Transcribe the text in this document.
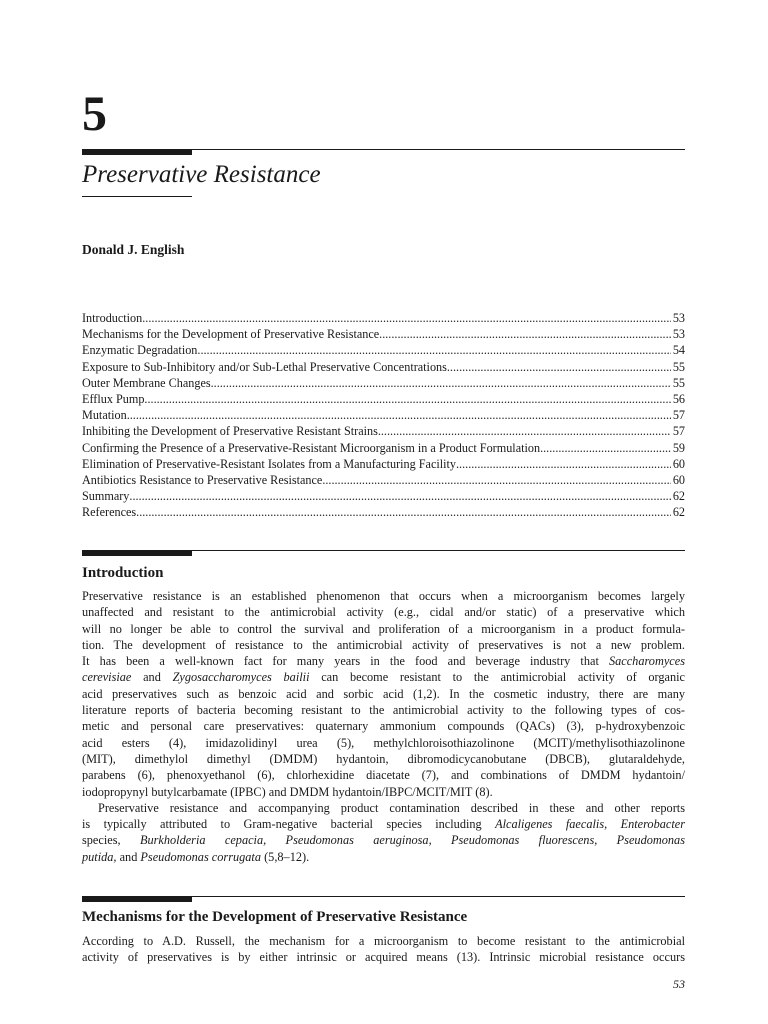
5
Preservative Resistance
Donald J. English
Introduction .....	53
Mechanisms for the Development of Preservative Resistance .....	53
Enzymatic Degradation .....	54
Exposure to Sub-Inhibitory and/or Sub-Lethal Preservative Concentrations .....	55
Outer Membrane Changes .....	55
Efflux Pump .....	56
Mutation .....	57
Inhibiting the Development of Preservative Resistant Strains .....	57
Confirming the Presence of a Preservative-Resistant Microorganism in a Product Formulation .....	59
Elimination of Preservative-Resistant Isolates from a Manufacturing Facility .....	60
Antibiotics Resistance to Preservative Resistance .....	60
Summary .....	62
References .....	62
Introduction
Preservative resistance is an established phenomenon that occurs when a microorganism becomes largely
unaffected and resistant to the antimicrobial activity (e.g., cidal and/or static) of a preservative which
will no longer be able to control the survival and proliferation of a microorganism in a product formula-
tion. The development of resistance to the antimicrobial activity of preservatives is not a new problem.
It has been a well-known fact for many years in the food and beverage industry that Saccharomyces
cerevisiae and Zygosaccharomyces bailii can become resistant to the antimicrobial activity of organic
acid preservatives such as benzoic acid and sorbic acid (1,2). In the cosmetic industry, there are many
literature reports of bacteria becoming resistant to the antimicrobial activity to the following types of cos-
metic and personal care preservatives: quaternary ammonium compounds (QACs) (3), p-hydroxybenzoic
acid esters (4), imidazolidinyl urea (5), methylchloroisothiazolinone (MCIT)/methylisothiazolinone
(MIT), dimethylol dimethyl (DMDM) hydantoin, dibromodicycanobutane (DBCB), glutaraldehyde,
parabens (6), phenoxyethanol (6), chlorhexidine diacetate (7), and combinations of DMDM hydantoin/
iodopropynyl butylcarbamate (IPBC) and DMDM hydantoin/IBPC/MCIT/MIT (8).
Preservative resistance and accompanying product contamination described in these and other reports
is typically attributed to Gram-negative bacterial species including Alcaligenes faecalis, Enterobacter
species, Burkholderia cepacia, Pseudomonas aeruginosa, Pseudomonas fluorescens, Pseudomonas
putida, and Pseudomonas corrugata (5,8–12).
Mechanisms for the Development of Preservative Resistance
According to A.D. Russell, the mechanism for a microorganism to become resistant to the antimicrobial
activity of preservatives is by either intrinsic or acquired means (13). Intrinsic microbial resistance occurs
53
